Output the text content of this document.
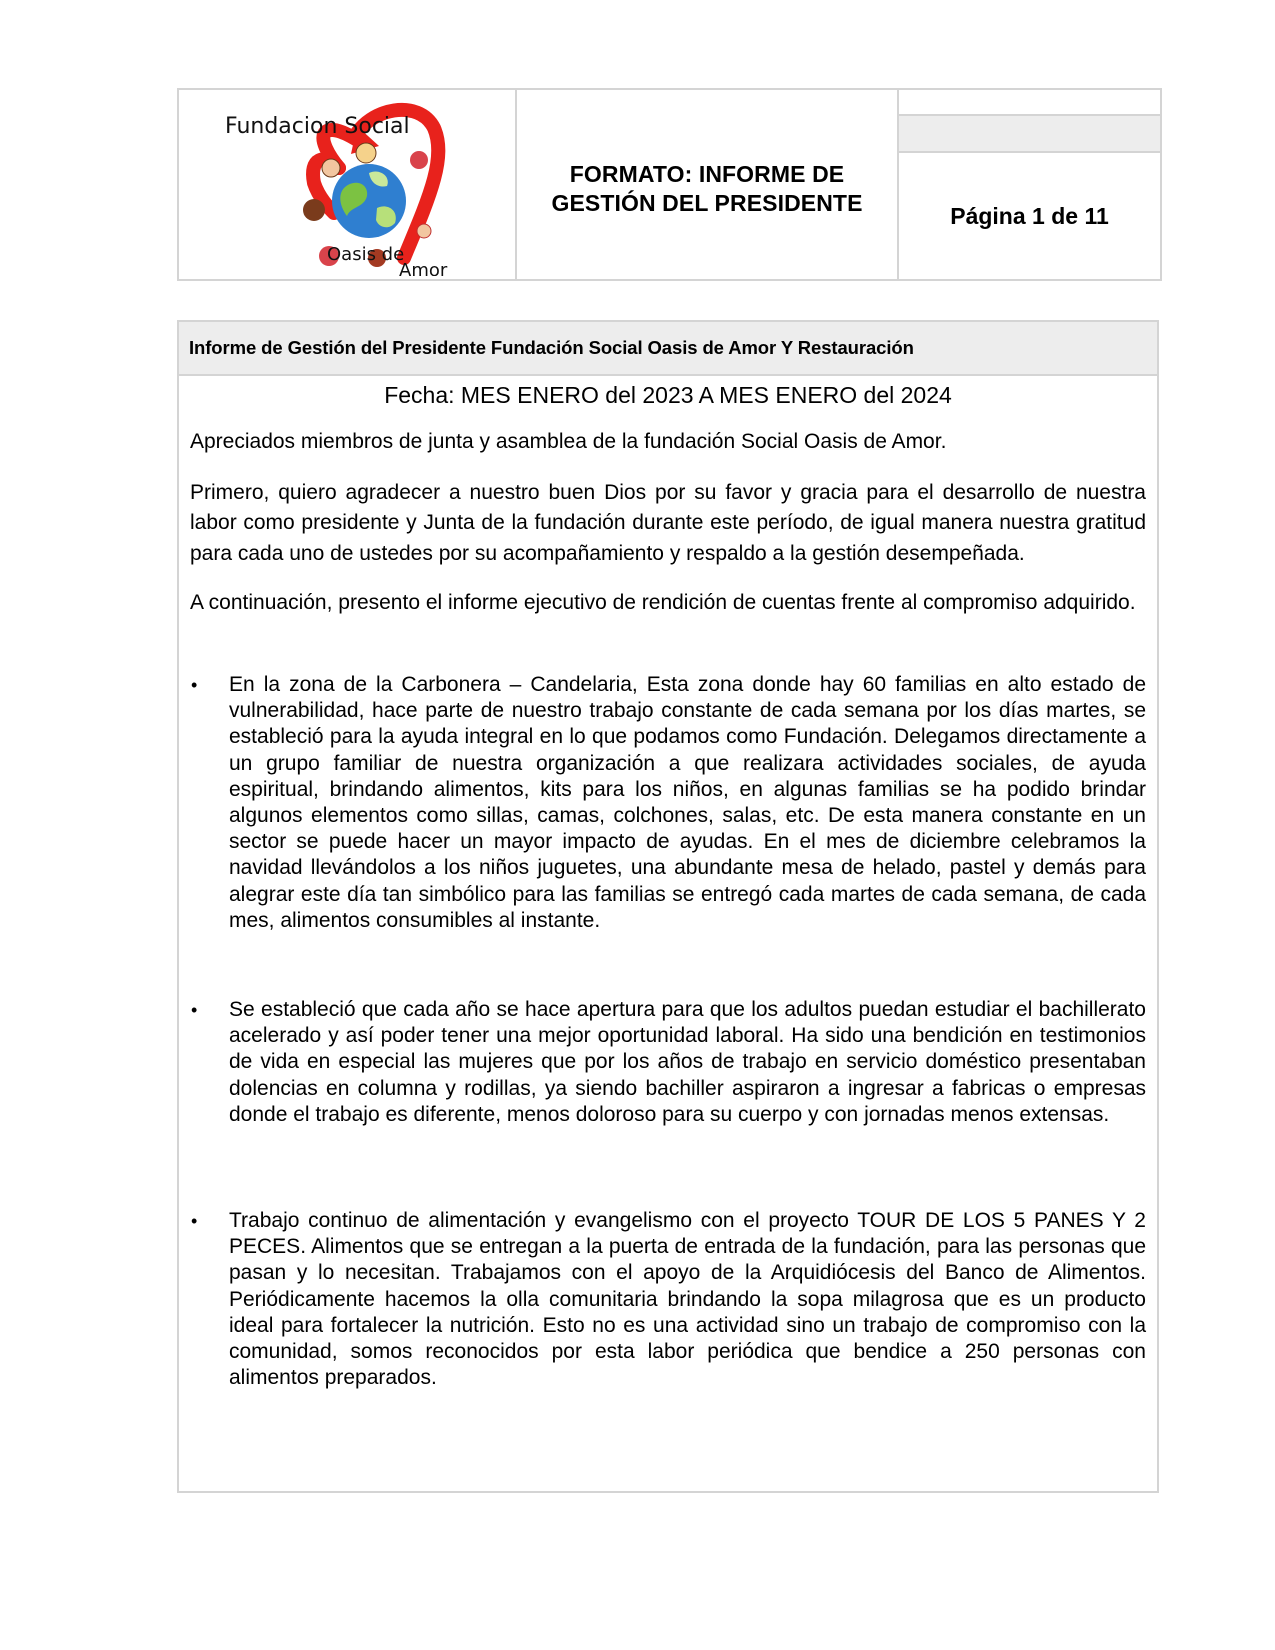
Fundacion Social
Oasis de
Amor
FORMATO: INFORME DE
GESTIÓN DEL PRESIDENTE	Página 1 de 11
Informe de Gestión del Presidente Fundación Social Oasis de Amor Y Restauración
Fecha: MES ENERO del 2023 A MES ENERO del 2024

Apreciados miembros de junta y asamblea de la fundación Social Oasis de Amor.

Primero, quiero agradecer a nuestro buen Dios por su favor y gracia para el desarrollo de nuestra labor como presidente y Junta de la fundación durante este período, de igual manera nuestra gratitud para cada uno de ustedes por su acompañamiento y respaldo a la gestión desempeñada.

A continuación, presento el informe ejecutivo de rendición de cuentas frente al compromiso adquirido.

•	En la zona de la Carbonera – Candelaria, Esta zona donde hay 60 familias en alto estado de vulnerabilidad, hace parte de nuestro trabajo constante de cada semana por los días martes, se estableció para la ayuda integral en lo que podamos como Fundación. Delegamos directamente a un grupo familiar de nuestra organización a que realizara actividades sociales, de ayuda espiritual, brindando alimentos, kits para los niños, en algunas familias se ha podido brindar algunos elementos como sillas, camas, colchones, salas, etc. De esta manera constante en un sector se puede hacer un mayor impacto de ayudas. En el mes de diciembre celebramos la navidad llevándolos a los niños juguetes, una abundante mesa de helado, pastel y demás para alegrar este día tan simbólico para las familias se entregó cada martes de cada semana, de cada mes, alimentos consumibles al instante.
•	Se estableció que cada año se hace apertura para que los adultos puedan estudiar el bachillerato acelerado y así poder tener una mejor oportunidad laboral. Ha sido una bendición en testimonios de vida en especial las mujeres que por los años de trabajo en servicio doméstico presentaban dolencias en columna y rodillas, ya siendo bachiller aspiraron a ingresar a fabricas o empresas donde el trabajo es diferente, menos doloroso para su cuerpo y con jornadas menos extensas.
•	Trabajo continuo de alimentación y evangelismo con el proyecto TOUR DE LOS 5 PANES Y 2 PECES. Alimentos que se entregan a la puerta de entrada de la fundación, para las personas que pasan y lo necesitan. Trabajamos con el apoyo de la Arquidiócesis del Banco de Alimentos. Periódicamente hacemos la olla comunitaria brindando la sopa milagrosa que es un producto ideal para fortalecer la nutrición. Esto no es una actividad sino un trabajo de compromiso con la comunidad, somos reconocidos por esta labor periódica que bendice a 250 personas con alimentos preparados.
